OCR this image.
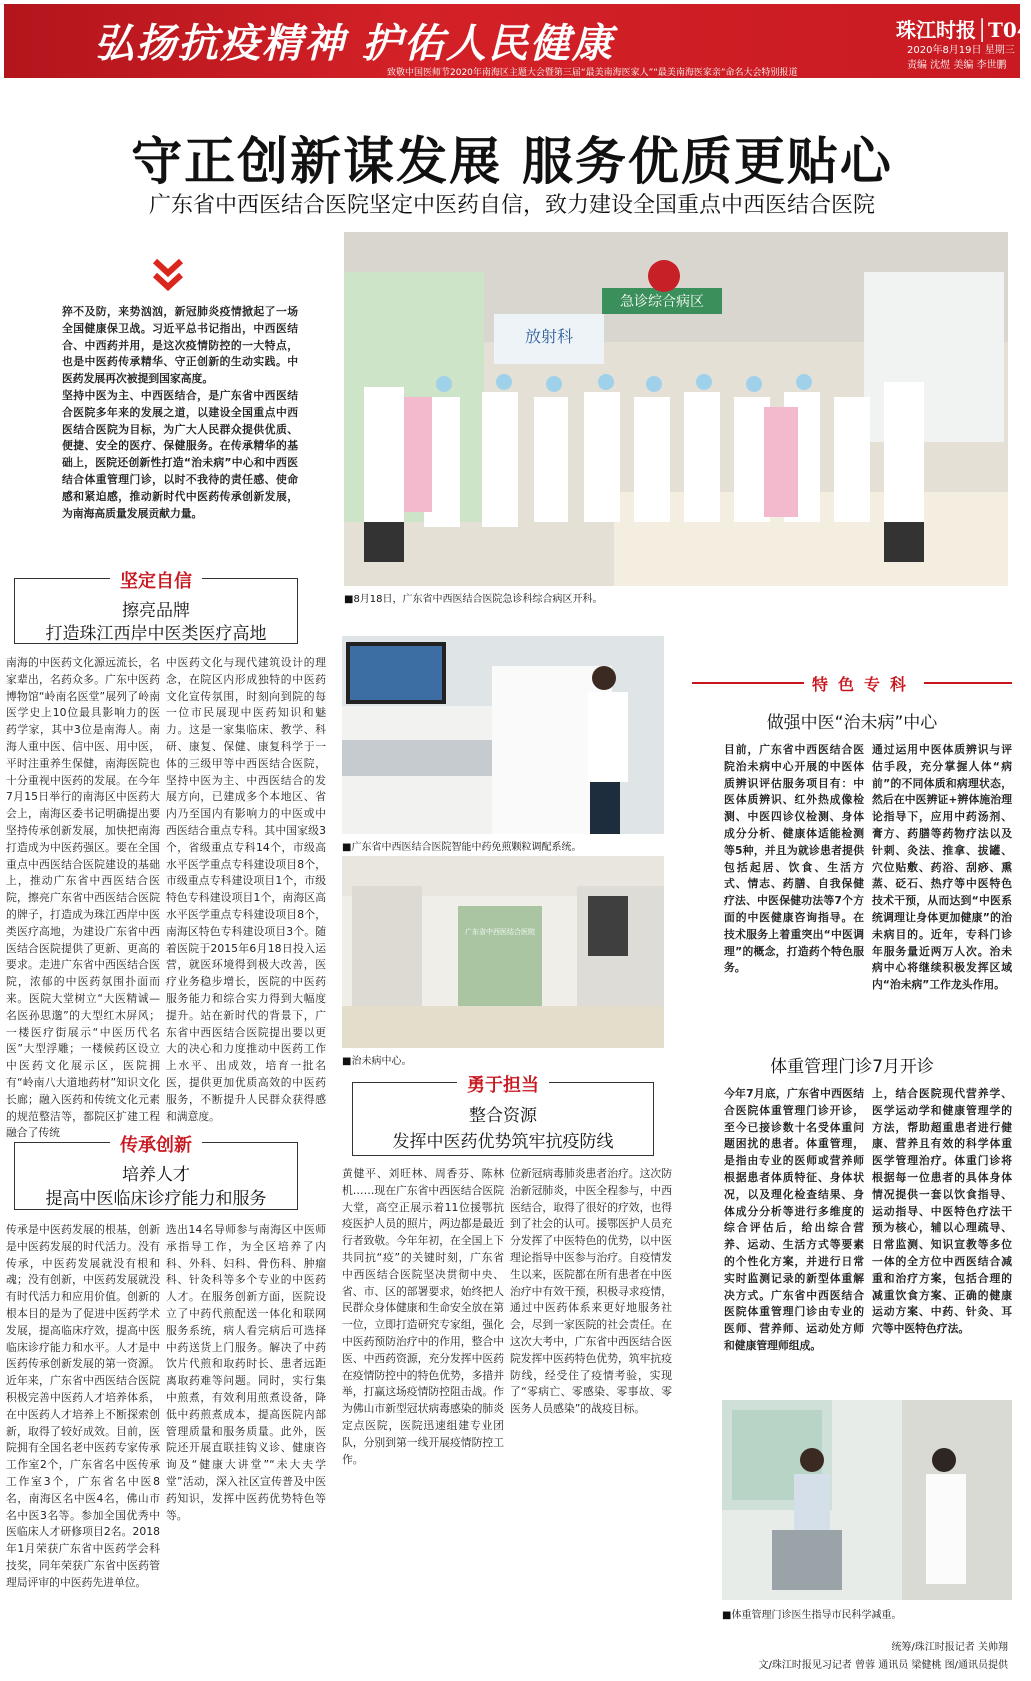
弘扬抗疫精神 护佑人民健康	珠江时报│T04
2020年8月19日 星期三
责编 沈煜 美编 李世鹏
致敬中国医师节2020年南海区主题大会暨第三届“最美南海医家人”“最美南海医家亲”命名大会特别报道
守正创新谋发展 服务优质更贴心
广东省中西医结合医院坚定中医药自信，致力建设全国重点中西医结合医院
猝不及防，来势汹汹，新冠肺炎疫情掀起了一场全国健康保卫战。习近平总书记指出，中西医结合、中西药并用，是这次疫情防控的一大特点，也是中医药传承精华、守正创新的生动实践。中医药发展再次被提到国家高度。
坚持中医为主、中西医结合，是广东省中西医结合医院多年来的发展之道，以建设全国重点中西医结合医院为目标，为广大人民群众提供优质、便捷、安全的医疗、保健服务。在传承精华的基础上，医院还创新性打造“治未病”中心和中西医结合体重管理门诊，以时不我待的责任感、使命感和紧迫感，推动新时代中医药传承创新发展，为南海高质量发展贡献力量。
急诊综合病区
放射科
■8月18日，广东省中西医结合医院急诊科综合病区开科。
坚定自信
擦亮品牌
打造珠江西岸中医类医疗高地
南海的中医药文化源远流长，名家辈出，名药众多。广东中医药博物馆“岭南名医堂”展列了岭南医学史上10位最具影响力的医药学家，其中3位是南海人。南海人重中医、信中医、用中医，平时注重养生保健，南海医院也十分重视中医药的发展。在今年7月15日举行的南海区中医药大会上，南海区委书记明确提出要坚持传承创新发展，加快把南海打造成为中医药强区。要在全国重点中西医结合医院建设的基础上，推动广东省中西医结合医院，擦亮广东省中西医结合医院的牌子，打造成为珠江西岸中医类医疗高地，为建设广东省中西医结合医院提供了更新、更高的要求。走进广东省中西医结合医院，浓郁的中医药氛围扑面而来。医院大堂树立“大医精诚—名医孙思邈”的大型红木屏风；一楼医疗街展示“中医历代名医”大型浮雕；一楼候药区设立中医药文化展示区，医院拥有“岭南八大道地药材”知识文化长廊；融入医药和传统文化元素的规范整洁等，都院区扩建工程融合了传统
中医药文化与现代建筑设计的理念，在院区内形成独特的中医药文化宣传氛围，时刻向到院的每一位市民展现中医药知识和魅力。这是一家集临床、教学、科研、康复、保健、康复科学于一体的三级甲等中西医结合医院，坚持中医为主、中西医结合的发展方向，已建成多个本地区、省内乃至国内有影响力的中医或中西医结合重点专科。其中国家级3个，省级重点专科14个，市级高水平医学重点专科建设项目8个，市级重点专科建设项目1个，市级特色专科建设项目1个，南海区高水平医学重点专科建设项目8个，南海区特色专科建设项目3个。随着医院于2015年6月18日投入运营，就医环境得到极大改善，医疗业务稳步增长，医院的中医药服务能力和综合实力得到大幅度提升。站在新时代的背景下，广东省中西医结合医院提出要以更大的决心和力度推动中医药工作上水平、出成效，培育一批名医，提供更加优质高效的中医药服务，不断提升人民群众获得感和满意度。
■广东省中西医结合医院智能中药免煎颗粒调配系统。
广东省中西医结合医院
■治未病中心。
传承创新
培养人才
提高中医临床诊疗能力和服务
传承是中医药发展的根基，创新是中医药发展的时代活力。没有传承，中医药发展就没有根和魂；没有创新，中医药发展就没有时代活力和应用价值。创新的根本目的是为了促进中医药学术发展，提高临床疗效，提高中医临床诊疗能力和水平。人才是中医药传承创新发展的第一资源。近年来，广东省中西医结合医院积极完善中医药人才培养体系，在中医药人才培养上不断探索创新，取得了较好成效。目前，医院拥有全国名老中医药专家传承工作室2个，广东省名中医传承工作室3个，广东省名中医8名，南海区名中医4名，佛山市名中医3名等。参加全国优秀中医临床人才研修项目2名。2018年1月荣获广东省中医药学会科技奖，同年荣获广东省中医药管理局评审的中医药先进单位。
选出14名导师参与南海区中医师承指导工作，为全区培养了内科、外科、妇科、骨伤科、肿瘤科、针灸科等多个专业的中医药人才。在服务创新方面，医院设立了中药代煎配送一体化和联网服务系统，病人看完病后可选择中药送货上门服务。解决了中药饮片代煎和取药时长、患者远距离取药难等问题。同时，实行集中煎煮，有效利用煎煮设备，降低中药煎煮成本，提高医院内部管理质量和服务质量。此外，医院还开展直联挂钩义诊、健康咨询及“健康大讲堂”“未大夫学堂”活动，深入社区宣传普及中医药知识，发挥中医药优势特色等等。
勇于担当
整合资源
发挥中医药优势筑牢抗疫防线
黄健平、刘旺林、周香芬、陈林机……现在广东省中西医结合医院大堂，高空正展示着11位援鄂抗疫医护人员的照片，两边都是最近行者致敬。今年年初，在全国上下共同抗“疫”的关键时刻，广东省中西医结合医院坚决贯彻中央、省、市、区的部署要求，始终把人民群众身体健康和生命安全放在第一位，立即打造研究专家组，强化中医药预防治疗中的作用，整合中医、中西药资源，充分发挥中医药在疫情防控中的特色优势，多措并举，打赢这场疫情防控阻击战。作为佛山市新型冠状病毒感染的肺炎定点医院，医院迅速组建专业团队，分别到第一线开展疫情防控工作。
位新冠病毒肺炎患者治疗。这次防治新冠肺炎，中医全程参与，中西医结合，取得了很好的疗效，也得到了社会的认可。援鄂医护人员充分发挥了中医特色的优势，以中医理论指导中医参与治疗。自疫情发生以来，医院都在所有患者在中医治疗中有效干预，积极寻求疫情，通过中医药体系来更好地服务社会，尽到一家医院的社会责任。在这次大考中，广东省中西医结合医院发挥中医药特色优势，筑牢抗疫防线，经受住了疫情考验，实现了“零病亡、零感染、零事故、零医务人员感染”的战疫目标。
特色专科
做强中医“治未病”中心
目前，广东省中西医结合医院治未病中心开展的中医体质辨识评估服务项目有：中医体质辨识、红外热成像检测、中医四诊仪检测、身体成分分析、健康体适能检测等5种，并且为就诊患者提供包括起居、饮食、生活方式、情志、药膳、自我保健疗法、中医保健功法等7个方面的中医健康咨询指导。在技术服务上着重突出“中医调理”的概念，打造药个特色服务。
通过运用中医体质辨识与评估手段，充分掌握人体“病前”的不同体质和病理状态，然后在中医辨证+辨体施治理论指导下，应用中药汤剂、膏方、药膳等药物疗法以及针刺、灸法、推拿、拔罐、穴位贴敷、药浴、刮痧、熏蒸、砭石、热疗等中医特色技术干预，从而达到“中医系统调理让身体更加健康”的治未病目的。近年，专科门诊年服务量近两万人次。治未病中心将继续积极发挥区域内“治未病”工作龙头作用。
体重管理门诊7月开诊
今年7月底，广东省中西医结合医院体重管理门诊开诊，至今已接诊数十名受体重问题困扰的患者。体重管理，是指由专业的医师或营养师根据患者体质特征、身体状况，以及理化检查结果、身体成分分析等进行多维度的综合评估后，给出综合营养、运动、生活方式等要素的个性化方案，并进行日常实时监测记录的新型体重解决方式。广东省中西医结合医院体重管理门诊由专业的医师、营养师、运动处方师和健康管理师组成。
上，结合医院现代营养学、医学运动学和健康管理学的方法，帮助超重患者进行健康、营养且有效的科学体重医学管理治疗。体重门诊将根据每一位患者的具体身体情况提供一套以饮食指导、运动指导、中医特色疗法干预为核心，辅以心理疏导、日常监测、知识宣教等多位一体的全方位中西医结合减重和治疗方案，包括合理的减重饮食方案、正确的健康运动方案、中药、针灸、耳穴等中医特色疗法。
■体重管理门诊医生指导市民科学减重。
统筹/珠江时报记者 关帅翔
文/珠江时报见习记者 曾蓉 通讯员 梁健桃 图/通讯员提供
